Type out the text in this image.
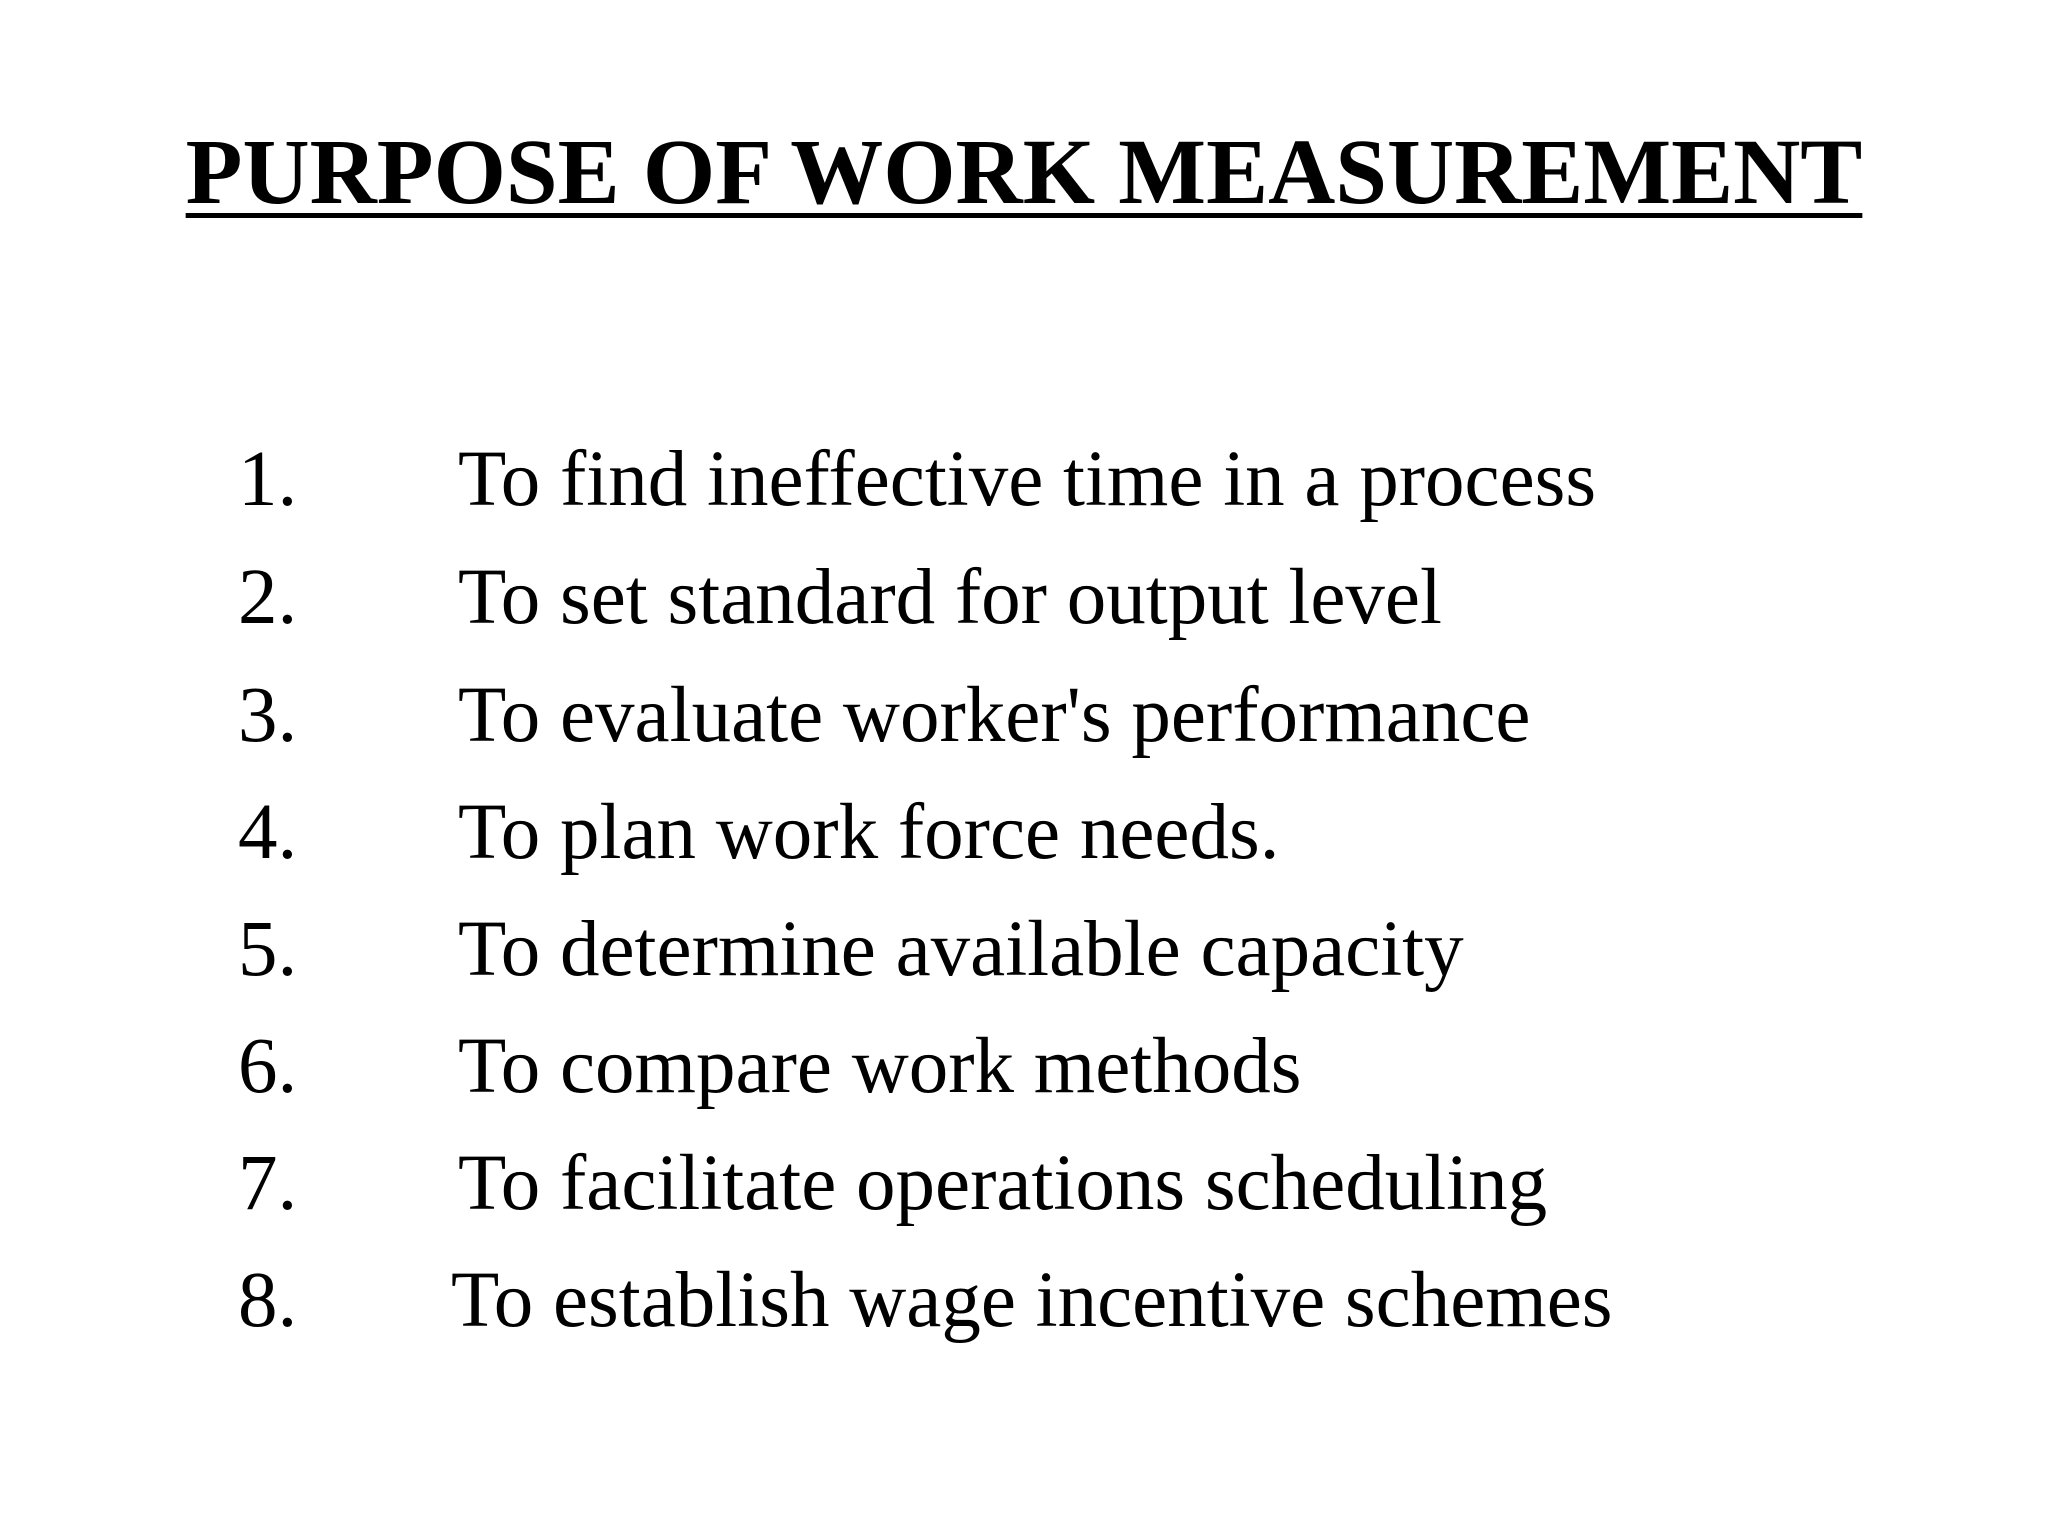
PURPOSE OF WORK MEASUREMENT
1. To find ineffective time in a process
2. To set standard for output level
3. To evaluate worker's performance
4. To plan work force needs.
5. To determine available capacity
6. To compare work methods
7. To facilitate operations scheduling
8. To establish wage incentive schemes
